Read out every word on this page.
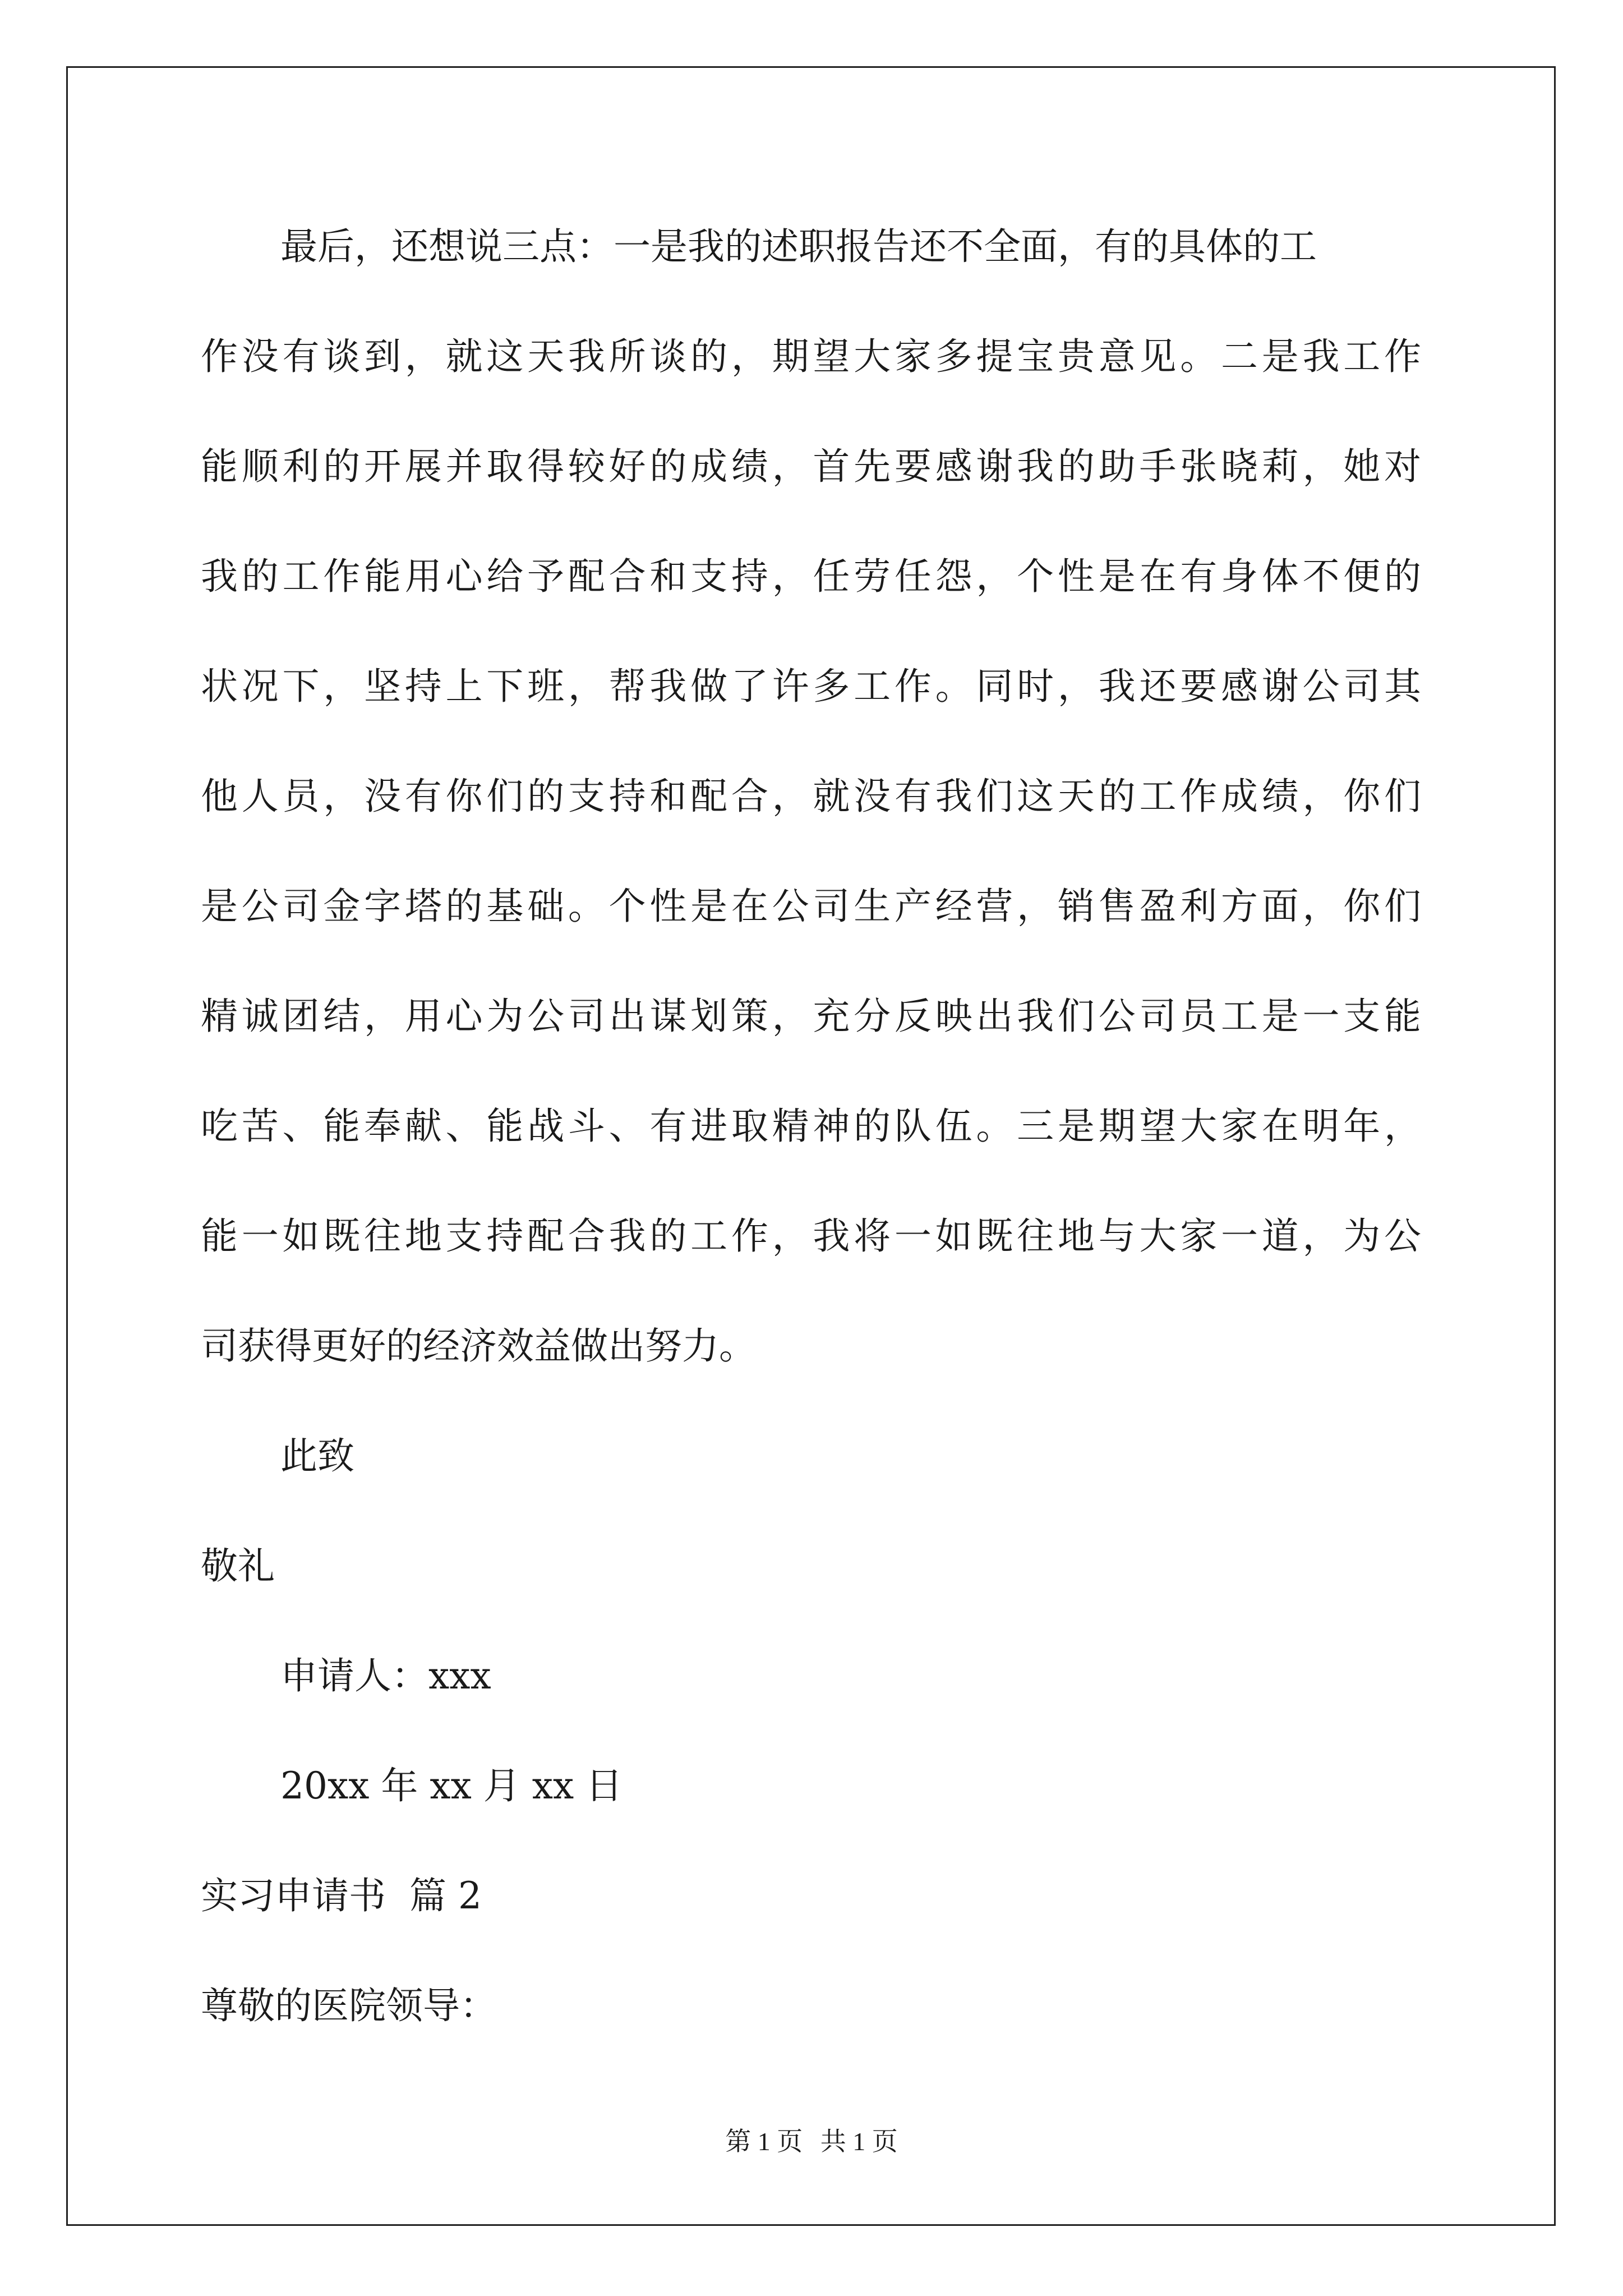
最后，还想说三点：一是我的述职报告还不全面，有的具体的工
作没有谈到，就这天我所谈的，期望大家多提宝贵意见。二是我工作
能顺利的开展并取得较好的成绩，首先要感谢我的助手张晓莉，她对
我的工作能用心给予配合和支持，任劳任怨，个性是在有身体不便的
状况下，坚持上下班，帮我做了许多工作。同时，我还要感谢公司其
他人员，没有你们的支持和配合，就没有我们这天的工作成绩，你们
是公司金字塔的基础。个性是在公司生产经营，销售盈利方面，你们
精诚团结，用心为公司出谋划策，充分反映出我们公司员工是一支能
吃苦、能奉献、能战斗、有进取精神的队伍。三是期望大家在明年，
能一如既往地支持配合我的工作，我将一如既往地与大家一道，为公
司获得更好的经济效益做出努力。
此致
敬礼
申请人：xxx
20xx 年 xx 月 xx 日
实习申请书  篇 2
尊敬的医院领导：
第 1 页 共 1 页
